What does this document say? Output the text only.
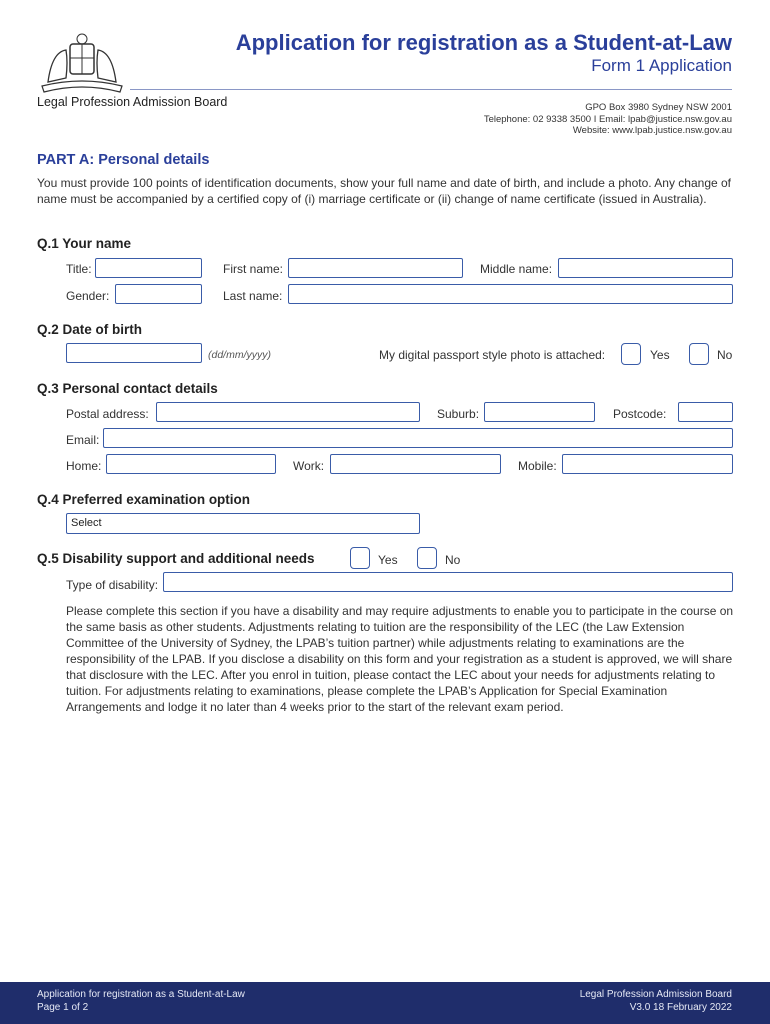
Application for registration as a Student-at-Law
Form 1 Application
Legal Profession Admission Board	GPO Box 3980 Sydney NSW 2001
Telephone: 02 9338 3500 I Email: lpab@justice.nsw.gov.au
Website: www.lpab.justice.nsw.gov.au
PART A: Personal details
You must provide 100 points of identification documents, show your full name and date of birth, and include a photo. Any change of name must be accompanied by a certified copy of (i) marriage certificate or (ii) change of name certificate (issued in Australia).
Q.1 Your name
Title:	First name:	Middle name:
Gender:	Last name:
Q.2 Date of birth
(dd/mm/yyyy)	My digital passport style photo is attached:	Yes	No
Q.3 Personal contact details
Postal address:	Suburb:	Postcode:
Email:
Home:	Work:	Mobile:
Q.4 Preferred examination option
Select
Q.5 Disability support and additional needs	Yes	No
Type of disability:
Please complete this section if you have a disability and may require adjustments to enable you to participate in the course on the same basis as other students. Adjustments relating to tuition are the responsibility of the LEC (the Law Extension Committee of the University of Sydney, the LPAB’s tuition partner) while adjustments relating to examinations are the responsibility of the LPAB. If you disclose a disability on this form and your registration as a student is approved, we will share that disclosure with the LEC. After you enrol in tuition, please contact the LEC about your needs for adjustments relating to tuition. For adjustments relating to examinations, please complete the LPAB’s Application for Special Examination Arrangements and lodge it no later than 4 weeks prior to the start of the relevant exam period.
Application for registration as a Student-at-Law
Page 1 of 2
Legal Profession Admission Board
V3.0 18 February 2022
